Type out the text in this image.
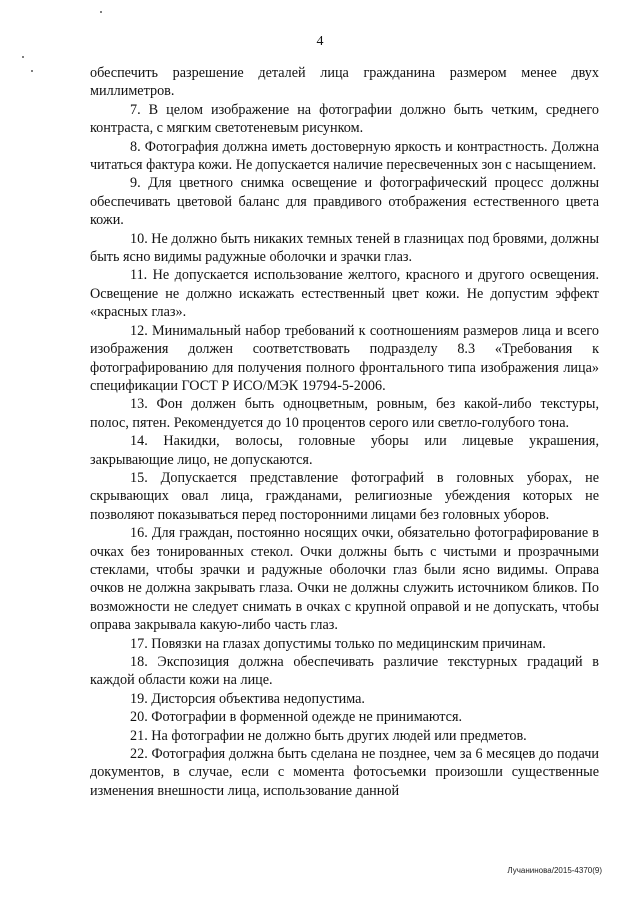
4

обеспечить разрешение деталей лица гражданина размером менее двух миллиметров.

7. В целом изображение на фотографии должно быть четким, среднего контраста, с мягким светотеневым рисунком.

8. Фотография должна иметь достоверную яркость и контрастность. Должна читаться фактура кожи. Не допускается наличие пересвеченных зон с насыщением.

9. Для цветного снимка освещение и фотографический процесс должны обеспечивать цветовой баланс для правдивого отображения естественного цвета кожи.

10. Не должно быть никаких темных теней в глазницах под бровями, должны быть ясно видимы радужные оболочки и зрачки глаз.

11. Не допускается использование желтого, красного и другого освещения. Освещение не должно искажать естественный цвет кожи. Не допустим эффект «красных глаз».

12. Минимальный набор требований к соотношениям размеров лица и всего изображения должен соответствовать подразделу 8.3 «Требования к фотографированию для получения полного фронтального типа изображения лица» спецификации ГОСТ Р ИСО/МЭК 19794-5-2006.

13. Фон должен быть одноцветным, ровным, без какой-либо текстуры, полос, пятен. Рекомендуется до 10 процентов серого или светло-голубого тона.

14. Накидки, волосы, головные уборы или лицевые украшения, закрывающие лицо, не допускаются.

15. Допускается представление фотографий в головных уборах, не скрывающих овал лица, гражданами, религиозные убеждения которых не позволяют показываться перед посторонними лицами без головных уборов.

16. Для граждан, постоянно носящих очки, обязательно фотографирование в очках без тонированных стекол. Очки должны быть с чистыми и прозрачными стеклами, чтобы зрачки и радужные оболочки глаз были ясно видимы. Оправа очков не должна закрывать глаза. Очки не должны служить источником бликов. По возможности не следует снимать в очках с крупной оправой и не допускать, чтобы оправа закрывала какую-либо часть глаз.

17. Повязки на глазах допустимы только по медицинским причинам.

18. Экспозиция должна обеспечивать различие текстурных градаций в каждой области кожи на лице.

19. Дисторсия объектива недопустима.

20. Фотографии в форменной одежде не принимаются.

21. На фотографии не должно быть других людей или предметов.

22. Фотография должна быть сделана не позднее, чем за 6 месяцев до подачи документов, в случае, если с момента фотосъемки произошли существенные изменения внешности лица, использование данной

Лучанинова/2015-4370(9)
